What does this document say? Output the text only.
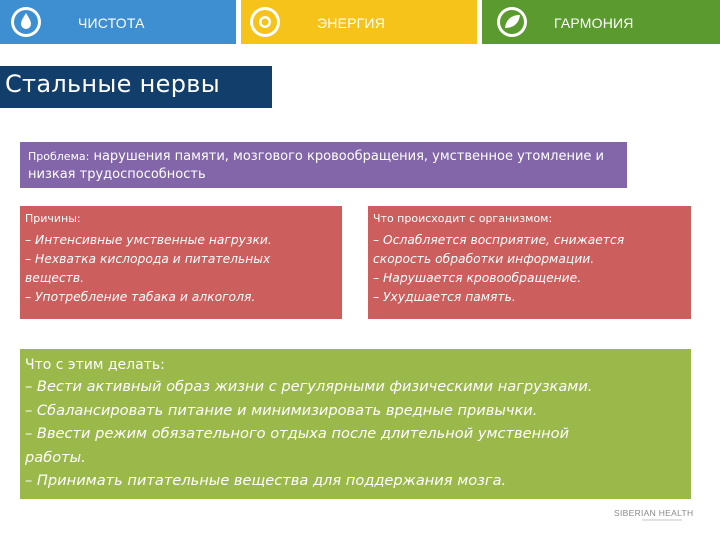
ЧИСТОТА	ЭНЕРГИЯ	ГАРМОНИЯ
Стальные нервы
Проблема: нарушения памяти, мозгового кровообращения, умственное утомление и низкая трудоспособность
Причины:
– Интенсивные умственные нагрузки.
– Нехватка кислорода и питательных
веществ.
– Употребление табака и алкоголя.
Что происходит с организмом:
– Ослабляется восприятие, снижается
скорость обработки информации.
– Нарушается кровообращение.
– Ухудшается память.
Что с этим делать:
– Вести активный образ жизни с регулярными физическими нагрузками.
– Сбалансировать питание и минимизировать вредные привычки.
– Ввести режим обязательного отдыха после длительной умственной
работы.
– Принимать питательные вещества для поддержания мозга.
SIBERIAN HEALTH
